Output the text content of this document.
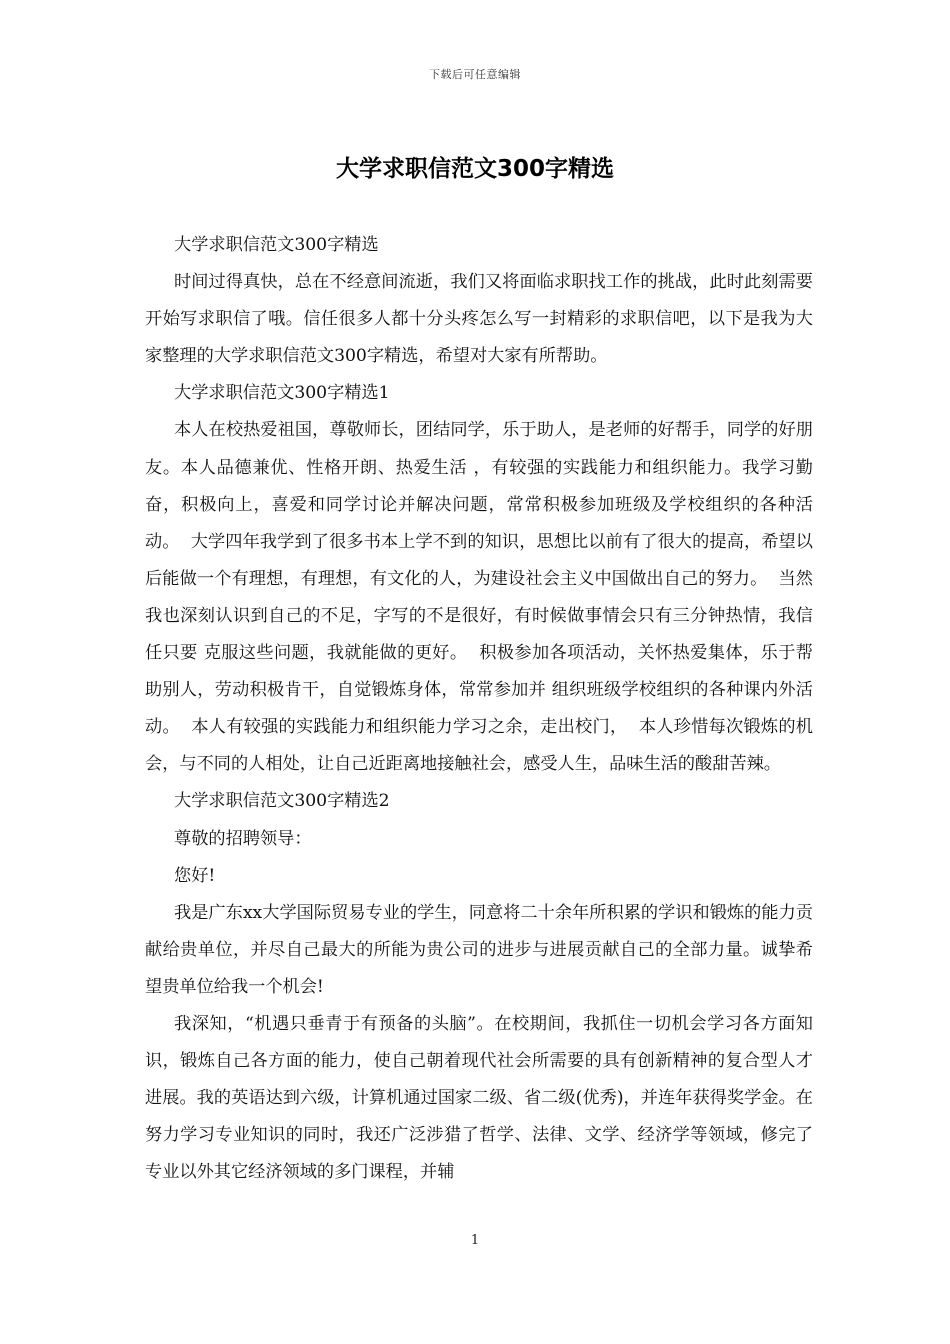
下载后可任意编辑
大学求职信范文300字精选

大学求职信范文300字精选

时间过得真快，总在不经意间流逝，我们又将面临求职找工作的挑战，此时此刻需要开始写求职信了哦。信任很多人都十分头疼怎么写一封精彩的求职信吧，以下是我为大家整理的大学求职信范文300字精选，希望对大家有所帮助。

大学求职信范文300字精选1

本人在校热爱祖国，尊敬师长，团结同学，乐于助人，是老师的好帮手，同学的好朋友。本人品德兼优、性格开朗、热爱生活 ，有较强的实践能力和组织能力。我学习勤奋，积极向上，喜爱和同学讨论并解决问题，常常积极参加班级及学校组织的各种活动。  大学四年我学到了很多书本上学不到的知识，思想比以前有了很大的提高，希望以后能做一个有理想，有理想，有文化的人，为建设社会主义中国做出自己的努力。  当然我也深刻认识到自己的不足，字写的不是很好，有时候做事情会只有三分钟热情，我信任只要 克服这些问题，我就能做的更好。  积极参加各项活动，关怀热爱集体，乐于帮助别人，劳动积极肯干，自觉锻炼身体，常常参加并 组织班级学校组织的各种课内外活动。  本人有较强的实践能力和组织能力学习之余，走出校门，  本人珍惜每次锻炼的机会，与不同的人相处，让自己近距离地接触社会，感受人生，品味生活的酸甜苦辣。

大学求职信范文300字精选2

尊敬的招聘领导：

您好!

我是广东xx大学国际贸易专业的学生，同意将二十余年所积累的学识和锻炼的能力贡献给贵单位，并尽自己最大的所能为贵公司的进步与进展贡献自己的全部力量。诚挚希望贵单位给我一个机会!

我深知，“机遇只垂青于有预备的头脑”。在校期间，我抓住一切机会学习各方面知识，锻炼自己各方面的能力，使自己朝着现代社会所需要的具有创新精神的复合型人才进展。我的英语达到六级，计算机通过国家二级、省二级(优秀)，并连年获得奖学金。在努力学习专业知识的同时，我还广泛涉猎了哲学、法律、文学、经济学等领域，修完了专业以外其它经济领域的多门课程，并辅

1
